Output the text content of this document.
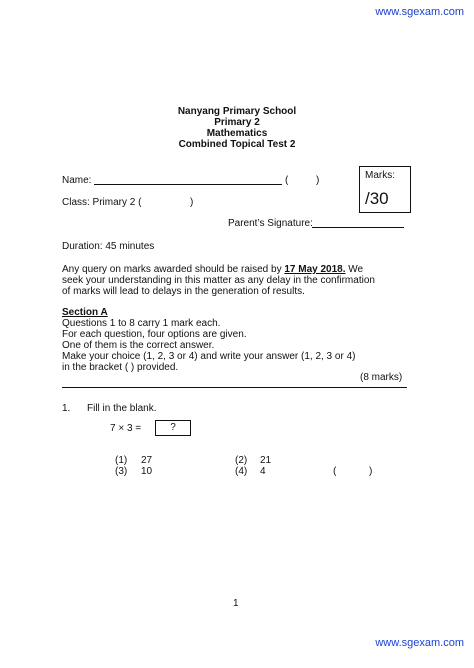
www.sgexam.com
Nanyang Primary School
Primary 2
Mathematics
Combined Topical Test 2
Name:	(	)	Marks:
/30
Class: Primary 2 (	)
Parent’s Signature:
Duration: 45 minutes
Any query on marks awarded should be raised by 17 May 2018. We
seek your understanding in this matter as any delay in the confirmation
of marks will lead to delays in the generation of results.
Section A
Questions 1 to 8 carry 1 mark each.
For each question, four options are given.
One of them is the correct answer.
Make your choice (1, 2, 3 or 4) and write your answer (1, 2, 3 or 4)
in the bracket ( ) provided.
(8 marks)
1. Fill in the blank.
7 × 3 =	?
(1) 27	(2) 21
(3) 10	(4) 4	(	)
1
www.sgexam.com
